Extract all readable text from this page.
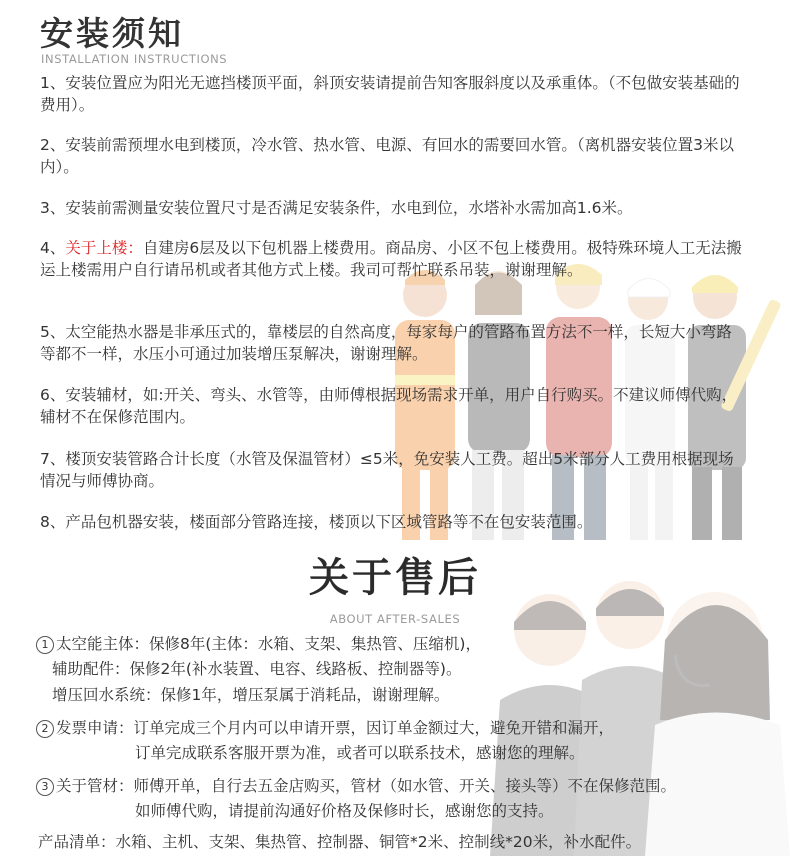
安装须知
INSTALLATION INSTRUCTIONS
1、安装位置应为阳光无遮挡楼顶平面，斜顶安装请提前告知客服斜度以及承重体。（不包做安装基础的费用）。
2、安装前需预埋水电到楼顶，冷水管、热水管、电源、有回水的需要回水管。（离机器安装位置3米以内）。
3、安装前需测量安装位置尺寸是否满足安装条件，水电到位，水塔补水需加高1.6米。
4、关于上楼：自建房6层及以下包机器上楼费用。商品房、小区不包上楼费用。极特殊环境人工无法搬运上楼需用户自行请吊机或者其他方式上楼。我司可帮忙联系吊装，谢谢理解。
5、太空能热水器是非承压式的，靠楼层的自然高度，每家每户的管路布置方法不一样，长短大小弯路等都不一样，水压小可通过加装增压泵解决，谢谢理解。
6、安装辅材，如:开关、弯头、水管等，由师傅根据现场需求开单，用户自行购买。不建议师傅代购，辅材不在保修范围内。
7、楼顶安装管路合计长度（水管及保温管材）≤5米，免安装人工费。超出5米部分人工费用根据现场情况与师傅协商。
8、产品包机器安装，楼面部分管路连接，楼顶以下区域管路等不在包安装范围。
关于售后
ABOUT AFTER-SALES
1 太空能主体：保修8年(主体：水箱、支架、集热管、压缩机)，
辅助配件：保修2年(补水装置、电容、线路板、控制器等)。
增压回水系统：保修1年，增压泵属于消耗品，谢谢理解。
2 发票申请：订单完成三个月内可以申请开票，因订单金额过大，避免开错和漏开，
订单完成联系客服开票为准，或者可以联系技术，感谢您的理解。
3 关于管材：师傅开单，自行去五金店购买，管材（如水管、开关、接头等）不在保修范围。
如师傅代购，请提前沟通好价格及保修时长，感谢您的支持。
产品清单：水箱、主机、支架、集热管、控制器、铜管*2米、控制线*20米，补水配件。
